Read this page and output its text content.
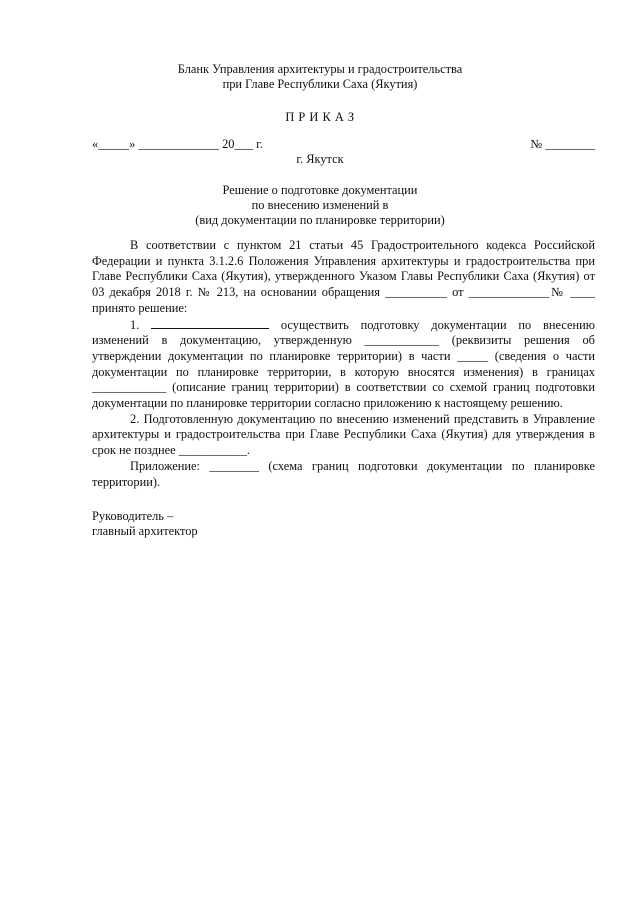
Бланк Управления архитектуры и градостроительства
при Главе Республики Саха (Якутия)
П Р И К А З
«_____» _____________ 20___ г.	№ ________
г. Якутск
Решение о подготовке документации
по внесению изменений в
(вид документации по планировке территории)

В соответствии с пунктом 21 статьи 45 Градостроительного кодекса Российской Федерации и пункта 3.1.2.6 Положения Управления архитектуры и градостроительства при Главе Республики Саха (Якутия), утвержденного Указом Главы Республики Саха (Якутия) от 03 декабря 2018 г. № 213, на основании обращения __________ от _____________№ ____ принято решение:

1.	осуществить подготовку документации по внесению изменений в документацию, утвержденную ____________ (реквизиты решения об утверждении документации по планировке территории) в части _____ (сведения о части документации по планировке территории, в которую вносятся изменения) в границах ____________ (описание границ территории) в соответствии со схемой границ подготовки документации по планировке территории согласно приложению к настоящему решению.

2. Подготовленную документацию по внесению изменений представить в Управление архитектуры и градостроительства при Главе Республики Саха (Якутия) для утверждения в срок не позднее ___________.

Приложение: ________ (схема границ подготовки документации по планировке территории).

Руководитель –
главный архитектор
